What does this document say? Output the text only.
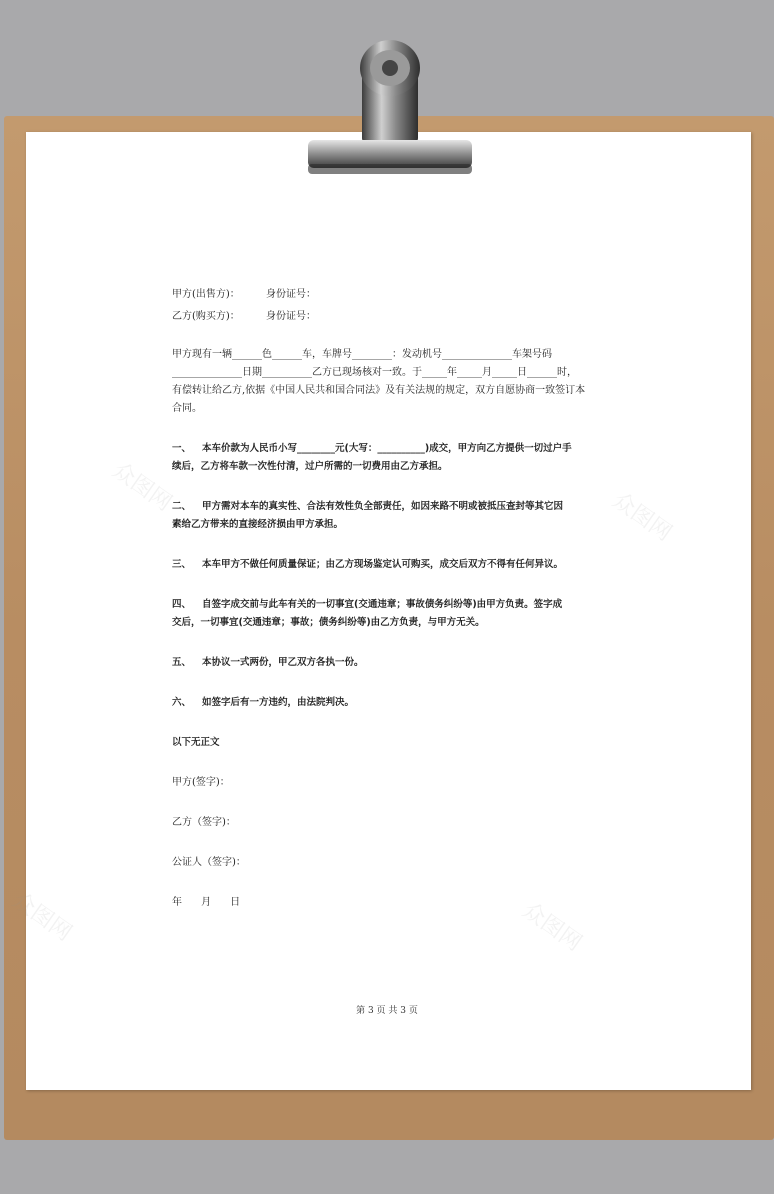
众图网
众图网
众图网	众图网
甲方(出售方)：	身份证号：
乙方(购买方)：	身份证号：
甲方现有一辆______色______车，车牌号________：发动机号______________车架号码
______________日期__________乙方已现场核对一致。于_____年_____月_____日______时，
有偿转让给乙方,依据《中国人民共和国合同法》及有关法规的规定，双方自愿协商一致签订本
合同。
一、 本车价款为人民币小写________元(大写：__________)成交，甲方向乙方提供一切过户手
续后，乙方将车款一次性付清，过户所需的一切费用由乙方承担。
二、 甲方需对本车的真实性、合法有效性负全部责任，如因来路不明或被抵压查封等其它因
素给乙方带来的直接经济损由甲方承担。
三、 本车甲方不做任何质量保证；由乙方现场鉴定认可购买，成交后双方不得有任何异议。
四、 自签字成交前与此车有关的一切事宜(交通违章；事故债务纠纷等)由甲方负责。签字成
交后，一切事宜(交通违章；事故；债务纠纷等)由乙方负责，与甲方无关。
五、 本协议一式两份，甲乙双方各执一份。
六、 如签字后有一方违约，由法院判决。
以下无正文
甲方(签字)：
乙方（签字)：
公证人（签字)：
年      月      日
第 3 页 共 3 页
